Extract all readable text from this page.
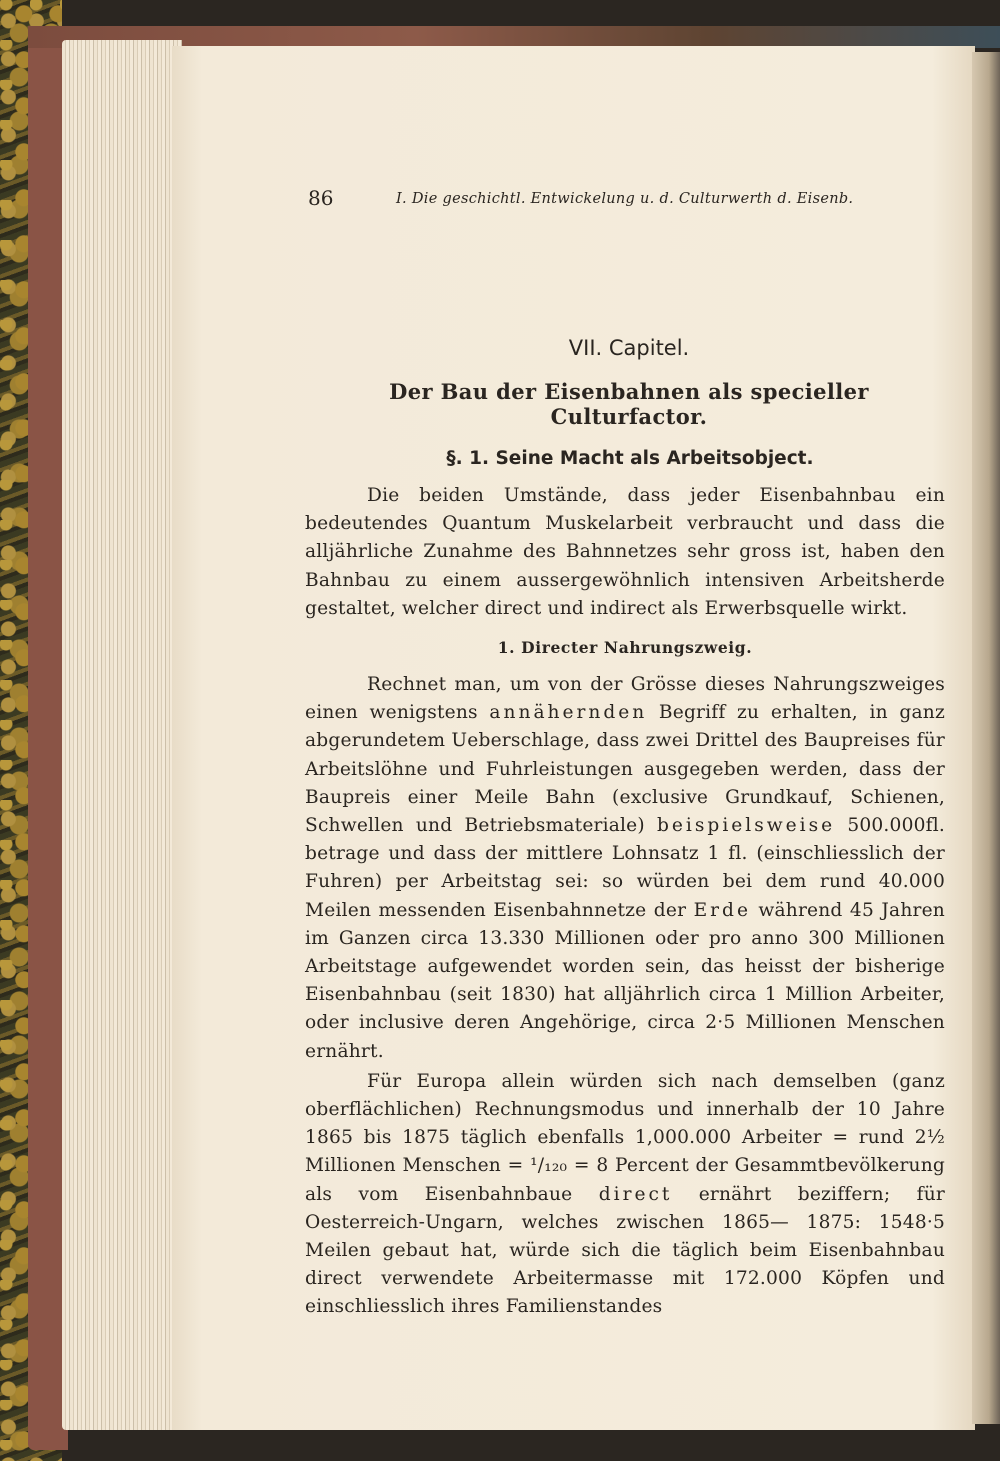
86	I. Die geschichtl. Entwickelung u. d. Culturwerth d. Eisenb.
VII. Capitel.
Der Bau der Eisenbahnen als specieller Culturfactor.
§. 1. Seine Macht als Arbeitsobject.

Die beiden Umstände, dass jeder Eisenbahnbau ein bedeutendes Quantum Muskelarbeit verbraucht und dass die alljährliche Zunahme des Bahnnetzes sehr gross ist, haben den Bahnbau zu einem aussergewöhnlich intensiven Arbeitsherde gestaltet, welcher direct und indirect als Erwerbsquelle wirkt.

1. Directer Nahrungszweig.

Rechnet man, um von der Grösse dieses Nahrungszweiges einen wenigstens annähernden Begriff zu erhalten, in ganz abgerundetem Ueberschlage, dass zwei Drittel des Baupreises für Arbeitslöhne und Fuhrleistungen ausgegeben werden, dass der Baupreis einer Meile Bahn (exclusive Grundkauf, Schienen, Schwellen und Betriebsmateriale) beispielsweise 500.000fl. betrage und dass der mittlere Lohnsatz 1 fl. (einschliesslich der Fuhren) per Arbeitstag sei: so würden bei dem rund 40.000 Meilen messenden Eisenbahnnetze der Erde während 45 Jahren im Ganzen circa 13.330 Millionen oder pro anno 300 Millionen Arbeitstage aufgewendet worden sein, das heisst der bisherige Eisenbahnbau (seit 1830) hat alljährlich circa 1 Million Arbeiter, oder inclusive deren Angehörige, circa 2·5 Millionen Menschen ernährt.

Für Europa allein würden sich nach demselben (ganz oberflächlichen) Rechnungsmodus und innerhalb der 10 Jahre 1865 bis 1875 täglich ebenfalls 1,000.000 Arbeiter = rund 2½ Millionen Menschen = ¹/₁₂₀ = 8 Percent der Gesammtbevölkerung als vom Eisenbahnbaue direct ernährt beziffern; für Oesterreich-Ungarn, welches zwischen 1865— 1875: 1548·5 Meilen gebaut hat, würde sich die täglich beim Eisenbahnbau direct verwendete Arbeitermasse mit 172.000 Köpfen und einschliesslich ihres Familienstandes
